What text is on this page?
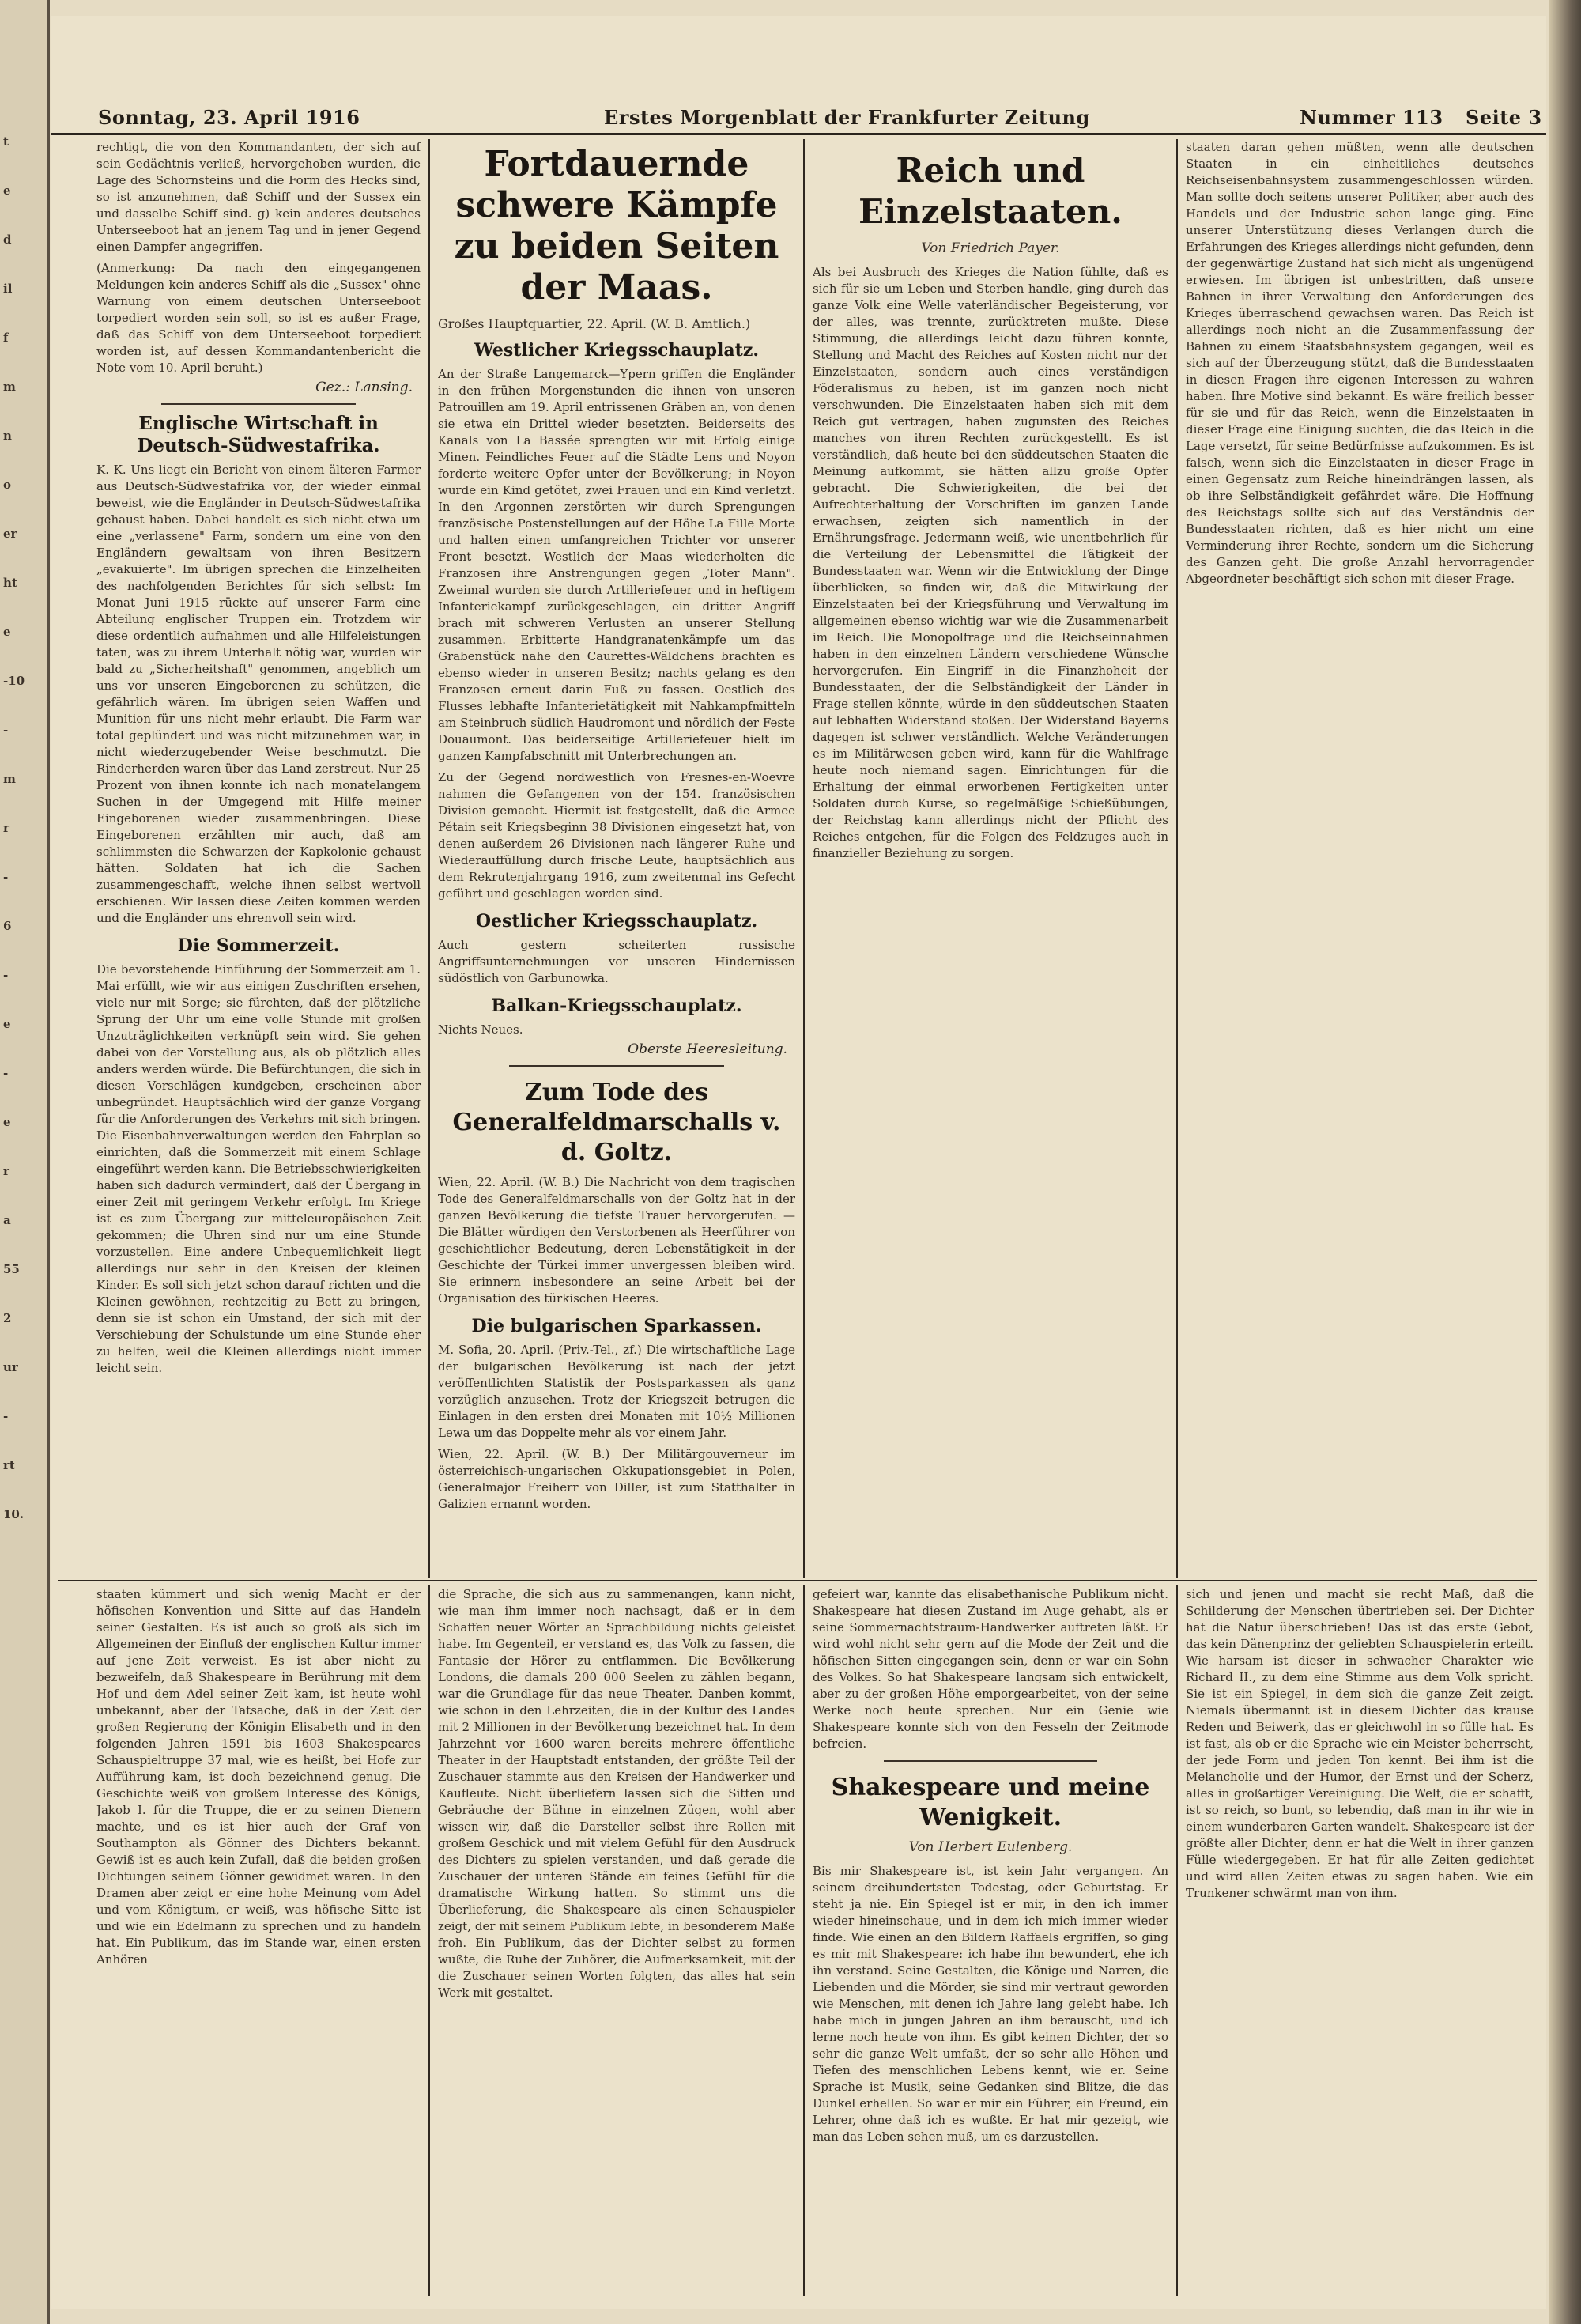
t
e
d
il
f
m
n
o
er
ht
e
-10
-
m
r
-
6
-
e
-
e
r
a
55
2
ur
-
rt
10.
Sonntag, 23. April 1916	Erstes Morgenblatt der Frankfurter Zeitung	Nummer 113 Seite 3
rechtigt, die von den Kommandanten, der sich auf sein Gedächtnis verließ, hervorgehoben wurden, die Lage des Schornsteins und die Form des Hecks sind, so ist anzunehmen, daß Schiff und der Sussex ein und dasselbe Schiff sind. g) kein anderes deutsches Unterseeboot hat an jenem Tag und in jener Gegend einen Dampfer angegriffen.
(Anmerkung: Da nach den eingegangenen Meldungen kein anderes Schiff als die „Sussex" ohne Warnung von einem deutschen Unterseeboot torpediert worden sein soll, so ist es außer Frage, daß das Schiff von dem Unterseeboot torpediert worden ist, auf dessen Kommandantenbericht die Note vom 10. April beruht.)
Gez.: Lansing.
Englische Wirtschaft in Deutsch-Südwestafrika.
K. K. Uns liegt ein Bericht von einem älteren Farmer aus Deutsch-Südwestafrika vor, der wieder einmal beweist, wie die Engländer in Deutsch-Südwestafrika gehaust haben. Dabei handelt es sich nicht etwa um eine „verlassene" Farm, sondern um eine von den Engländern gewaltsam von ihren Besitzern „evakuierte". Im übrigen sprechen die Einzelheiten des nachfolgenden Berichtes für sich selbst: Im Monat Juni 1915 rückte auf unserer Farm eine Abteilung englischer Truppen ein. Trotzdem wir diese ordentlich aufnahmen und alle Hilfeleistungen taten, was zu ihrem Unterhalt nötig war, wurden wir bald zu „Sicherheitshaft" genommen, angeblich um uns vor unseren Eingeborenen zu schützen, die gefährlich wären. Im übrigen seien Waffen und Munition für uns nicht mehr erlaubt. Die Farm war total geplündert und was nicht mitzunehmen war, in nicht wiederzugebender Weise beschmutzt. Die Rinderherden waren über das Land zerstreut. Nur 25 Prozent von ihnen konnte ich nach monatelangem Suchen in der Umgegend mit Hilfe meiner Eingeborenen wieder zusammenbringen. Diese Eingeborenen erzählten mir auch, daß am schlimmsten die Schwarzen der Kapkolonie gehaust hätten. Soldaten hat ich die Sachen zusammengeschafft, welche ihnen selbst wertvoll erschienen. Wir lassen diese Zeiten kommen werden und die Engländer uns ehrenvoll sein wird.
Die Sommerzeit.
Die bevorstehende Einführung der Sommerzeit am 1. Mai erfüllt, wie wir aus einigen Zuschriften ersehen, viele nur mit Sorge; sie fürchten, daß der plötzliche Sprung der Uhr um eine volle Stunde mit großen Unzuträglichkeiten verknüpft sein wird. Sie gehen dabei von der Vorstellung aus, als ob plötzlich alles anders werden würde. Die Befürchtungen, die sich in diesen Vorschlägen kundgeben, erscheinen aber unbegründet. Hauptsächlich wird der ganze Vorgang für die Anforderungen des Verkehrs mit sich bringen. Die Eisenbahnverwaltungen werden den Fahrplan so einrichten, daß die Sommerzeit mit einem Schlage eingeführt werden kann. Die Betriebsschwierigkeiten haben sich dadurch vermindert, daß der Übergang in einer Zeit mit geringem Verkehr erfolgt. Im Kriege ist es zum Übergang zur mitteleuropäischen Zeit gekommen; die Uhren sind nur um eine Stunde vorzustellen. Eine andere Unbequemlichkeit liegt allerdings nur sehr in den Kreisen der kleinen Kinder. Es soll sich jetzt schon darauf richten und die Kleinen gewöhnen, rechtzeitig zu Bett zu bringen, denn sie ist schon ein Umstand, der sich mit der Verschiebung der Schulstunde um eine Stunde eher zu helfen, weil die Kleinen allerdings nicht immer leicht sein.
Fortdauernde schwere Kämpfe zu beiden Seiten der Maas.
Großes Hauptquartier, 22. April. (W. B. Amtlich.)
Westlicher Kriegsschauplatz.
An der Straße Langemarck—Ypern griffen die Engländer in den frühen Morgenstunden die ihnen von unseren Patrouillen am 19. April entrissenen Gräben an, von denen sie etwa ein Drittel wieder besetzten. Beiderseits des Kanals von La Bassée sprengten wir mit Erfolg einige Minen. Feindliches Feuer auf die Städte Lens und Noyon forderte weitere Opfer unter der Bevölkerung; in Noyon wurde ein Kind getötet, zwei Frauen und ein Kind verletzt. In den Argonnen zerstörten wir durch Sprengungen französische Postenstellungen auf der Höhe La Fille Morte und halten einen umfangreichen Trichter vor unserer Front besetzt. Westlich der Maas wiederholten die Franzosen ihre Anstrengungen gegen „Toter Mann". Zweimal wurden sie durch Artilleriefeuer und in heftigem Infanteriekampf zurückgeschlagen, ein dritter Angriff brach mit schweren Verlusten an unserer Stellung zusammen. Erbitterte Handgranatenkämpfe um das Grabenstück nahe den Caurettes-Wäldchens brachten es ebenso wieder in unseren Besitz; nachts gelang es den Franzosen erneut darin Fuß zu fassen. Oestlich des Flusses lebhafte Infanterietätigkeit mit Nahkampfmitteln am Steinbruch südlich Haudromont und nördlich der Feste Douaumont. Das beiderseitige Artilleriefeuer hielt im ganzen Kampfabschnitt mit Unterbrechungen an.
Zu der Gegend nordwestlich von Fresnes-en-Woevre nahmen die Gefangenen von der 154. französischen Division gemacht. Hiermit ist festgestellt, daß die Armee Pétain seit Kriegsbeginn 38 Divisionen eingesetzt hat, von denen außerdem 26 Divisionen nach längerer Ruhe und Wiederauffüllung durch frische Leute, hauptsächlich aus dem Rekrutenjahrgang 1916, zum zweitenmal ins Gefecht geführt und geschlagen worden sind.
Oestlicher Kriegsschauplatz.
Auch gestern scheiterten russische Angriffsunternehmungen vor unseren Hindernissen südöstlich von Garbunowka.
Balkan-Kriegsschauplatz.
Nichts Neues.
Oberste Heeresleitung.
Zum Tode des Generalfeldmarschalls v. d. Goltz.
Wien, 22. April. (W. B.) Die Nachricht von dem tragischen Tode des Generalfeldmarschalls von der Goltz hat in der ganzen Bevölkerung die tiefste Trauer hervorgerufen. — Die Blätter würdigen den Verstorbenen als Heerführer von geschichtlicher Bedeutung, deren Lebenstätigkeit in der Geschichte der Türkei immer unvergessen bleiben wird. Sie erinnern insbesondere an seine Arbeit bei der Organisation des türkischen Heeres.
Die bulgarischen Sparkassen.
M. Sofia, 20. April. (Priv.-Tel., zf.) Die wirtschaftliche Lage der bulgarischen Bevölkerung ist nach der jetzt veröffentlichten Statistik der Postsparkassen als ganz vorzüglich anzusehen. Trotz der Kriegszeit betrugen die Einlagen in den ersten drei Monaten mit 10½ Millionen Lewa um das Doppelte mehr als vor einem Jahr.
Wien, 22. April. (W. B.) Der Militärgouverneur im österreichisch-ungarischen Okkupationsgebiet in Polen, Generalmajor Freiherr von Diller, ist zum Statthalter in Galizien ernannt worden.
Reich und Einzelstaaten.
Von Friedrich Payer.
Als bei Ausbruch des Krieges die Nation fühlte, daß es sich für sie um Leben und Sterben handle, ging durch das ganze Volk eine Welle vaterländischer Begeisterung, vor der alles, was trennte, zurücktreten mußte. Diese Stimmung, die allerdings leicht dazu führen konnte, Stellung und Macht des Reiches auf Kosten nicht nur der Einzelstaaten, sondern auch eines verständigen Föderalismus zu heben, ist im ganzen noch nicht verschwunden. Die Einzelstaaten haben sich mit dem Reich gut vertragen, haben zugunsten des Reiches manches von ihren Rechten zurückgestellt. Es ist verständlich, daß heute bei den süddeutschen Staaten die Meinung aufkommt, sie hätten allzu große Opfer gebracht. Die Schwierigkeiten, die bei der Aufrechterhaltung der Vorschriften im ganzen Lande erwachsen, zeigten sich namentlich in der Ernährungsfrage. Jedermann weiß, wie unentbehrlich für die Verteilung der Lebensmittel die Tätigkeit der Bundesstaaten war. Wenn wir die Entwicklung der Dinge überblicken, so finden wir, daß die Mitwirkung der Einzelstaaten bei der Kriegsführung und Verwaltung im allgemeinen ebenso wichtig war wie die Zusammenarbeit im Reich. Die Monopolfrage und die Reichseinnahmen haben in den einzelnen Ländern verschiedene Wünsche hervorgerufen. Ein Eingriff in die Finanzhoheit der Bundesstaaten, der die Selbständigkeit der Länder in Frage stellen könnte, würde in den süddeutschen Staaten auf lebhaften Widerstand stoßen. Der Widerstand Bayerns dagegen ist schwer verständlich. Welche Veränderungen es im Militärwesen geben wird, kann für die Wahlfrage heute noch niemand sagen. Einrichtungen für die Erhaltung der einmal erworbenen Fertigkeiten unter Soldaten durch Kurse, so regelmäßige Schießübungen, der Reichstag kann allerdings nicht der Pflicht des Reiches entgehen, für die Folgen des Feldzuges auch in finanzieller Beziehung zu sorgen.
staaten daran gehen müßten, wenn alle deutschen Staaten in ein einheitliches deutsches Reichseisenbahnsystem zusammengeschlossen würden. Man sollte doch seitens unserer Politiker, aber auch des Handels und der Industrie schon lange ging. Eine unserer Unterstützung dieses Verlangen durch die Erfahrungen des Krieges allerdings nicht gefunden, denn der gegenwärtige Zustand hat sich nicht als ungenügend erwiesen. Im übrigen ist unbestritten, daß unsere Bahnen in ihrer Verwaltung den Anforderungen des Krieges überraschend gewachsen waren. Das Reich ist allerdings noch nicht an die Zusammenfassung der Bahnen zu einem Staatsbahnsystem gegangen, weil es sich auf der Überzeugung stützt, daß die Bundesstaaten in diesen Fragen ihre eigenen Interessen zu wahren haben. Ihre Motive sind bekannt. Es wäre freilich besser für sie und für das Reich, wenn die Einzelstaaten in dieser Frage eine Einigung suchten, die das Reich in die Lage versetzt, für seine Bedürfnisse aufzukommen. Es ist falsch, wenn sich die Einzelstaaten in dieser Frage in einen Gegensatz zum Reiche hineindrängen lassen, als ob ihre Selbständigkeit gefährdet wäre. Die Hoffnung des Reichstags sollte sich auf das Verständnis der Bundesstaaten richten, daß es hier nicht um eine Verminderung ihrer Rechte, sondern um die Sicherung des Ganzen geht. Die große Anzahl hervorragender Abgeordneter beschäftigt sich schon mit dieser Frage.
staaten kümmert und sich wenig Macht er der höfischen Konvention und Sitte auf das Handeln seiner Gestalten. Es ist auch so groß als sich im Allgemeinen der Einfluß der englischen Kultur immer auf jene Zeit verweist. Es ist aber nicht zu bezweifeln, daß Shakespeare in Berührung mit dem Hof und dem Adel seiner Zeit kam, ist heute wohl unbekannt, aber der Tatsache, daß in der Zeit der großen Regierung der Königin Elisabeth und in den folgenden Jahren 1591 bis 1603 Shakespeares Schauspieltruppe 37 mal, wie es heißt, bei Hofe zur Aufführung kam, ist doch bezeichnend genug. Die Geschichte weiß von großem Interesse des Königs, Jakob I. für die Truppe, die er zu seinen Dienern machte, und es ist hier auch der Graf von Southampton als Gönner des Dichters bekannt. Gewiß ist es auch kein Zufall, daß die beiden großen Dichtungen seinem Gönner gewidmet waren. In den Dramen aber zeigt er eine hohe Meinung vom Adel und vom Königtum, er weiß, was höfische Sitte ist und wie ein Edelmann zu sprechen und zu handeln hat. Ein Publikum, das im Stande war, einen ersten Anhören
die Sprache, die sich aus zu sammenangen, kann nicht, wie man ihm immer noch nachsagt, daß er in dem Schaffen neuer Wörter an Sprachbildung nichts geleistet habe. Im Gegenteil, er verstand es, das Volk zu fassen, die Fantasie der Hörer zu entflammen. Die Bevölkerung Londons, die damals 200 000 Seelen zu zählen begann, war die Grundlage für das neue Theater. Danben kommt, wie schon in den Lehrzeiten, die in der Kultur des Landes mit 2 Millionen in der Bevölkerung bezeichnet hat. In dem Jahrzehnt vor 1600 waren bereits mehrere öffentliche Theater in der Hauptstadt entstanden, der größte Teil der Zuschauer stammte aus den Kreisen der Handwerker und Kaufleute. Nicht überliefern lassen sich die Sitten und Gebräuche der Bühne in einzelnen Zügen, wohl aber wissen wir, daß die Darsteller selbst ihre Rollen mit großem Geschick und mit vielem Gefühl für den Ausdruck des Dichters zu spielen verstanden, und daß gerade die Zuschauer der unteren Stände ein feines Gefühl für die dramatische Wirkung hatten. So stimmt uns die Überlieferung, die Shakespeare als einen Schauspieler zeigt, der mit seinem Publikum lebte, in besonderem Maße froh. Ein Publikum, das der Dichter selbst zu formen wußte, die Ruhe der Zuhörer, die Aufmerksamkeit, mit der die Zuschauer seinen Worten folgten, das alles hat sein Werk mit gestaltet.
gefeiert war, kannte das elisabethanische Publikum nicht. Shakespeare hat diesen Zustand im Auge gehabt, als er seine Sommernachtstraum-Handwerker auftreten läßt. Er wird wohl nicht sehr gern auf die Mode der Zeit und die höfischen Sitten eingegangen sein, denn er war ein Sohn des Volkes. So hat Shakespeare langsam sich entwickelt, aber zu der großen Höhe emporgearbeitet, von der seine Werke noch heute sprechen. Nur ein Genie wie Shakespeare konnte sich von den Fesseln der Zeitmode befreien.
Shakespeare und meine Wenigkeit.
Von Herbert Eulenberg.
Bis mir Shakespeare ist, ist kein Jahr vergangen. An seinem dreihundertsten Todestag, oder Geburtstag. Er steht ja nie. Ein Spiegel ist er mir, in den ich immer wieder hineinschaue, und in dem ich mich immer wieder finde. Wie einen an den Bildern Raffaels ergriffen, so ging es mir mit Shakespeare: ich habe ihn bewundert, ehe ich ihn verstand. Seine Gestalten, die Könige und Narren, die Liebenden und die Mörder, sie sind mir vertraut geworden wie Menschen, mit denen ich Jahre lang gelebt habe. Ich habe mich in jungen Jahren an ihm berauscht, und ich lerne noch heute von ihm. Es gibt keinen Dichter, der so sehr die ganze Welt umfaßt, der so sehr alle Höhen und Tiefen des menschlichen Lebens kennt, wie er. Seine Sprache ist Musik, seine Gedanken sind Blitze, die das Dunkel erhellen. So war er mir ein Führer, ein Freund, ein Lehrer, ohne daß ich es wußte. Er hat mir gezeigt, wie man das Leben sehen muß, um es darzustellen.
sich und jenen und macht sie recht Maß, daß die Schilderung der Menschen übertrieben sei. Der Dichter hat die Natur überschrieben! Das ist das erste Gebot, das kein Dänenprinz der geliebten Schauspielerin erteilt. Wie harsam ist dieser in schwacher Charakter wie Richard II., zu dem eine Stimme aus dem Volk spricht. Sie ist ein Spiegel, in dem sich die ganze Zeit zeigt. Niemals übermannt ist in diesem Dichter das krause Reden und Beiwerk, das er gleichwohl in so fülle hat. Es ist fast, als ob er die Sprache wie ein Meister beherrscht, der jede Form und jeden Ton kennt. Bei ihm ist die Melancholie und der Humor, der Ernst und der Scherz, alles in großartiger Vereinigung. Die Welt, die er schafft, ist so reich, so bunt, so lebendig, daß man in ihr wie in einem wunderbaren Garten wandelt. Shakespeare ist der größte aller Dichter, denn er hat die Welt in ihrer ganzen Fülle wiedergegeben. Er hat für alle Zeiten gedichtet und wird allen Zeiten etwas zu sagen haben. Wie ein Trunkener schwärmt man von ihm.
